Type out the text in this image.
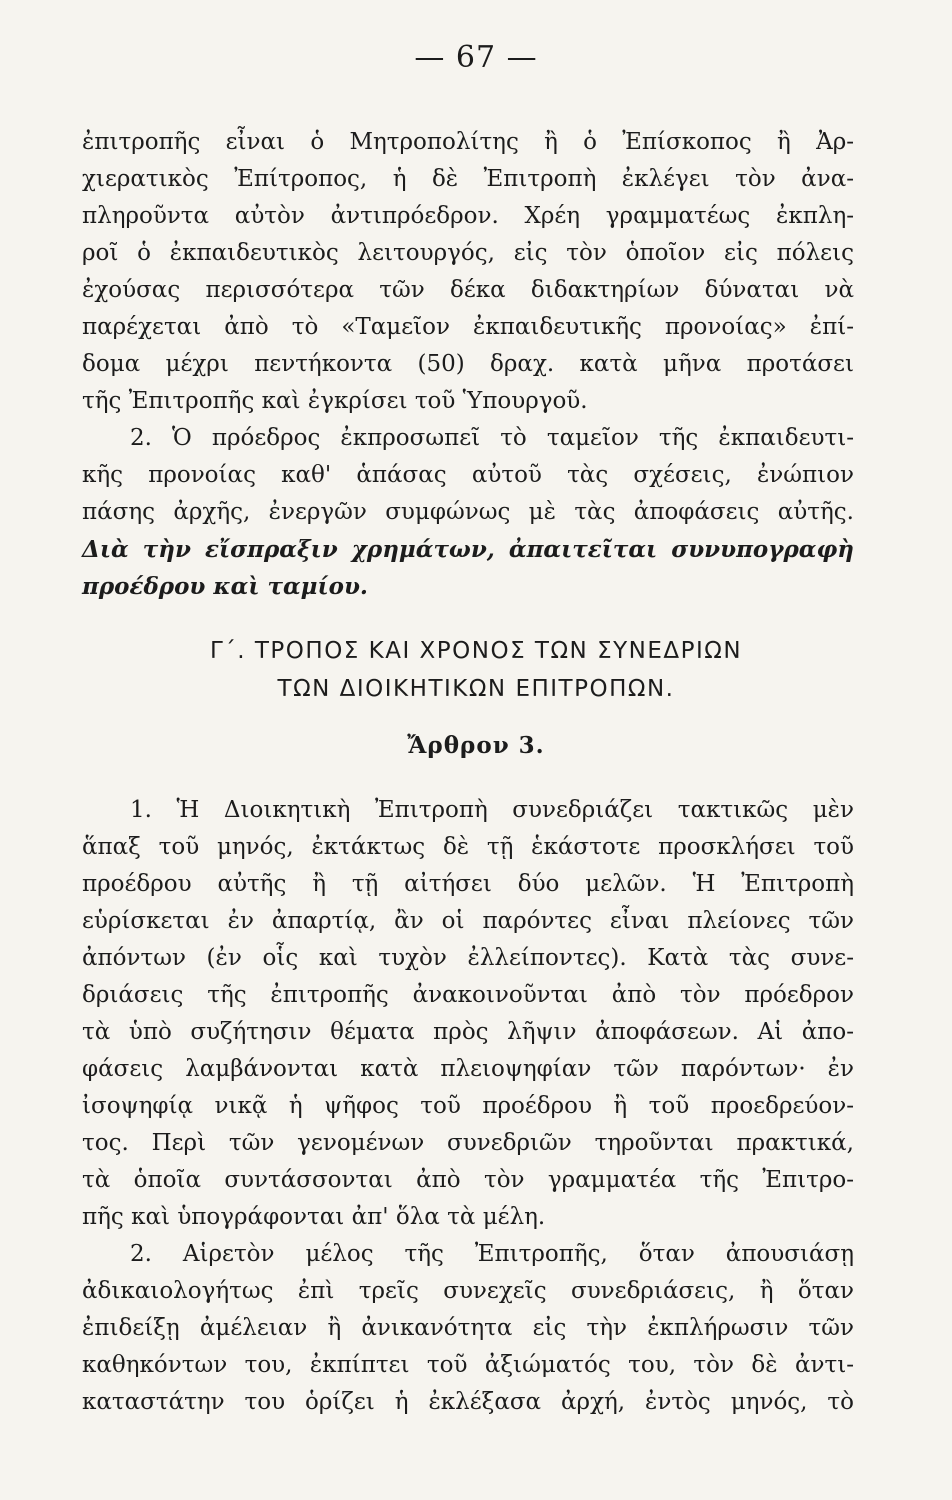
— 67 —
ἐπιτροπῆς εἶναι ὁ Μητροπολίτης ἢ ὁ Ἐπίσκοπος ἢ Ἀρ-
χιερατικὸς Ἐπίτροπος, ἡ δὲ Ἐπιτροπὴ ἐκλέγει τὸν ἀνα-
πληροῦντα αὐτὸν ἀντιπρόεδρον. Χρέη γραμματέως ἐκπλη-
ροῖ ὁ ἐκπαιδευτικὸς λειτουργός, εἰς τὸν ὁποῖον εἰς πόλεις
ἐχούσας περισσότερα τῶν δέκα διδακτηρίων δύναται νὰ
παρέχεται ἀπὸ τὸ «Ταμεῖον ἐκπαιδευτικῆς προνοίας» ἐπί-
δομα μέχρι πεντήκοντα (50) δραχ. κατὰ μῆνα προτάσει
τῆς Ἐπιτροπῆς καὶ ἐγκρίσει τοῦ Ὑπουργοῦ.
2. Ὁ πρόεδρος ἐκπροσωπεῖ τὸ ταμεῖον τῆς ἐκπαιδευτι-
κῆς προνοίας καθ' ἁπάσας αὐτοῦ τὰς σχέσεις, ἐνώπιον
πάσης ἀρχῆς, ἐνεργῶν συμφώνως μὲ τὰς ἀποφάσεις αὐτῆς.
Διὰ τὴν εἴσπραξιν χρημάτων, ἀπαιτεῖται συνυπογραφὴ
προέδρου καὶ ταμίου.
Γ΄. ΤΡΟΠΟΣ ΚΑΙ ΧΡΟΝΟΣ ΤΩΝ ΣΥΝΕΔΡΙΩΝ
ΤΩΝ ΔΙΟΙΚΗΤΙΚΩΝ ΕΠΙΤΡΟΠΩΝ.
Ἄρθρον 3.
1. Ἡ Διοικητικὴ Ἐπιτροπὴ συνεδριάζει τακτικῶς μὲν
ἅπαξ τοῦ μηνός, ἐκτάκτως δὲ τῇ ἑκάστοτε προσκλήσει τοῦ
προέδρου αὐτῆς ἢ τῇ αἰτήσει δύο μελῶν. Ἡ Ἐπιτροπὴ
εὑρίσκεται ἐν ἀπαρτίᾳ, ἂν οἱ παρόντες εἶναι πλείονες τῶν
ἀπόντων (ἐν οἷς καὶ τυχὸν ἐλλείποντες). Κατὰ τὰς συνε-
δριάσεις τῆς ἐπιτροπῆς ἀνακοινοῦνται ἀπὸ τὸν πρόεδρον
τὰ ὑπὸ συζήτησιν θέματα πρὸς λῆψιν ἀποφάσεων. Αἱ ἀπο-
φάσεις λαμβάνονται κατὰ πλειοψηφίαν τῶν παρόντων· ἐν
ἰσοψηφίᾳ νικᾷ ἡ ψῆφος τοῦ προέδρου ἢ τοῦ προεδρεύον-
τος. Περὶ τῶν γενομένων συνεδριῶν τηροῦνται πρακτικά,
τὰ ὁποῖα συντάσσονται ἀπὸ τὸν γραμματέα τῆς Ἐπιτρο-
πῆς καὶ ὑπογράφονται ἀπ' ὅλα τὰ μέλη.
2. Αἱρετὸν μέλος τῆς Ἐπιτροπῆς, ὅταν ἀπουσιάσῃ
ἀδικαιολογήτως ἐπὶ τρεῖς συνεχεῖς συνεδριάσεις, ἢ ὅταν
ἐπιδείξῃ ἀμέλειαν ἢ ἀνικανότητα εἰς τὴν ἐκπλήρωσιν τῶν
καθηκόντων του, ἐκπίπτει τοῦ ἀξιώματός του, τὸν δὲ ἀντι-
καταστάτην του ὁρίζει ἡ ἐκλέξασα ἀρχή, ἐντὸς μηνός, τὸ
